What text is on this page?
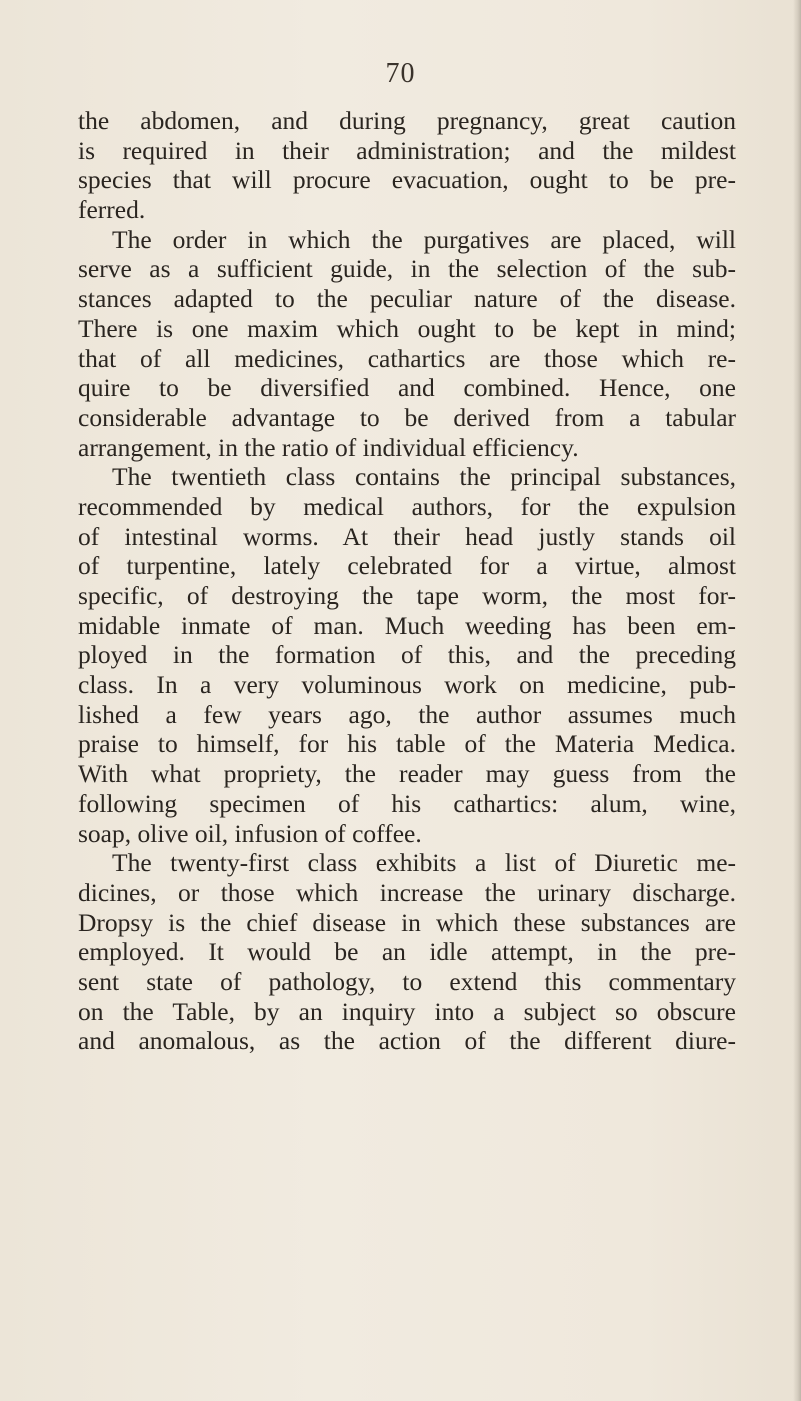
70
the abdomen, and during pregnancy, great caution
is required in their administration; and the mildest
species that will procure evacuation, ought to be pre-
ferred.
The order in which the purgatives are placed, will
serve as a sufficient guide, in the selection of the sub-
stances adapted to the peculiar nature of the disease.
There is one maxim which ought to be kept in mind;
that of all medicines, cathartics are those which re-
quire to be diversified and combined. Hence, one
considerable advantage to be derived from a tabular
arrangement, in the ratio of individual efficiency.
The twentieth class contains the principal substances,
recommended by medical authors, for the expulsion
of intestinal worms. At their head justly stands oil
of turpentine, lately celebrated for a virtue, almost
specific, of destroying the tape worm, the most for-
midable inmate of man. Much weeding has been em-
ployed in the formation of this, and the preceding
class. In a very voluminous work on medicine, pub-
lished a few years ago, the author assumes much
praise to himself, for his table of the Materia Medica.
With what propriety, the reader may guess from the
following specimen of his cathartics: alum, wine,
soap, olive oil, infusion of coffee.
The twenty-first class exhibits a list of Diuretic me-
dicines, or those which increase the urinary discharge.
Dropsy is the chief disease in which these substances are
employed. It would be an idle attempt, in the pre-
sent state of pathology, to extend this commentary
on the Table, by an inquiry into a subject so obscure
and anomalous, as the action of the different diure-
